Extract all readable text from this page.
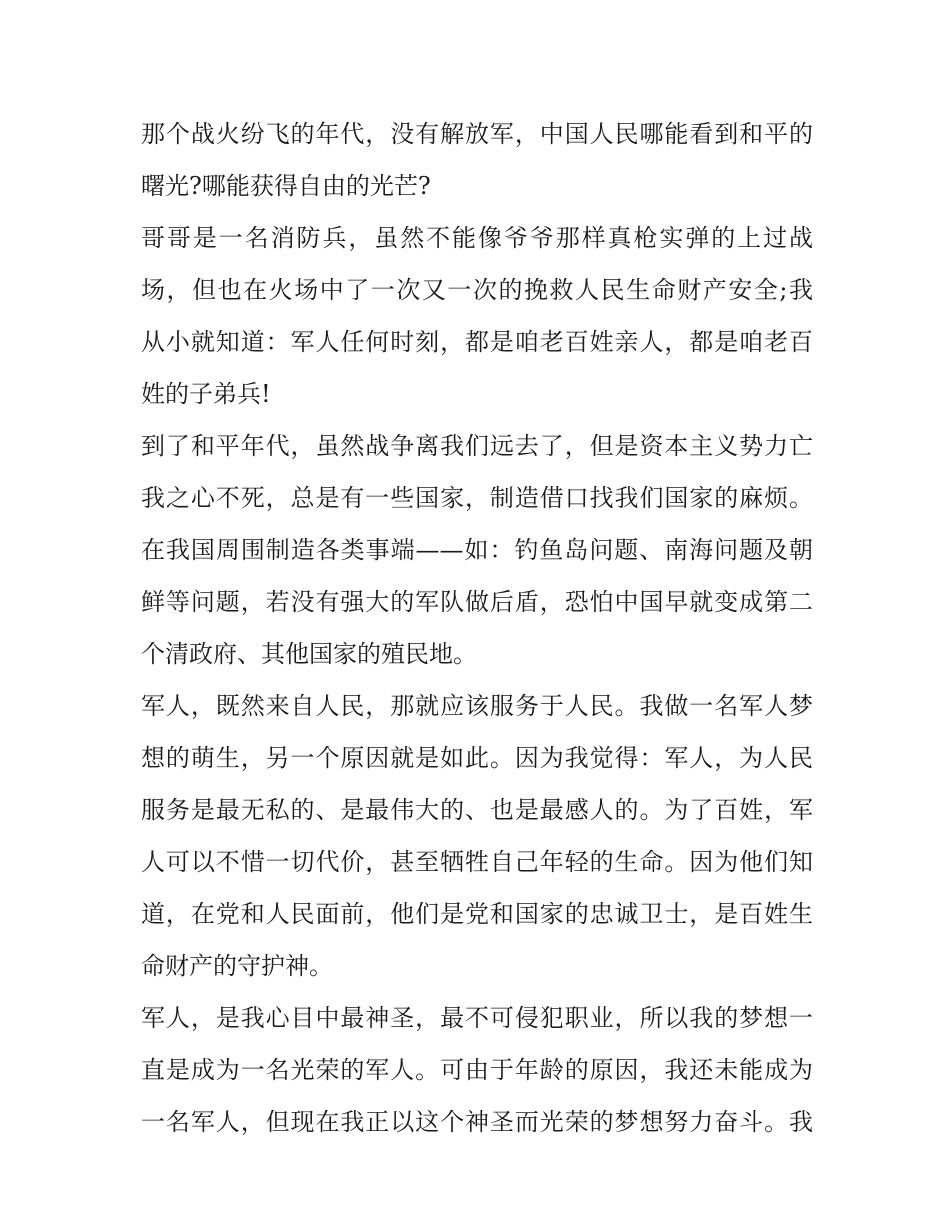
那个战火纷飞的年代，没有解放军，中国人民哪能看到和平的
曙光?哪能获得自由的光芒?
哥哥是一名消防兵，虽然不能像爷爷那样真枪实弹的上过战
场，但也在火场中了一次又一次的挽救人民生命财产安全;我
从小就知道：军人任何时刻，都是咱老百姓亲人，都是咱老百
姓的子弟兵!
到了和平年代，虽然战争离我们远去了，但是资本主义势力亡
我之心不死，总是有一些国家，制造借口找我们国家的麻烦。
在我国周围制造各类事端——如：钓鱼岛问题、南海问题及朝
鲜等问题，若没有强大的军队做后盾，恐怕中国早就变成第二
个清政府、其他国家的殖民地。
军人，既然来自人民，那就应该服务于人民。我做一名军人梦
想的萌生，另一个原因就是如此。因为我觉得：军人，为人民
服务是最无私的、是最伟大的、也是最感人的。为了百姓，军
人可以不惜一切代价，甚至牺牲自己年轻的生命。因为他们知
道，在党和人民面前，他们是党和国家的忠诚卫士，是百姓生
命财产的守护神。
军人，是我心目中最神圣，最不可侵犯职业，所以我的梦想一
直是成为一名光荣的军人。可由于年龄的原因，我还未能成为
一名军人，但现在我正以这个神圣而光荣的梦想努力奋斗。我
